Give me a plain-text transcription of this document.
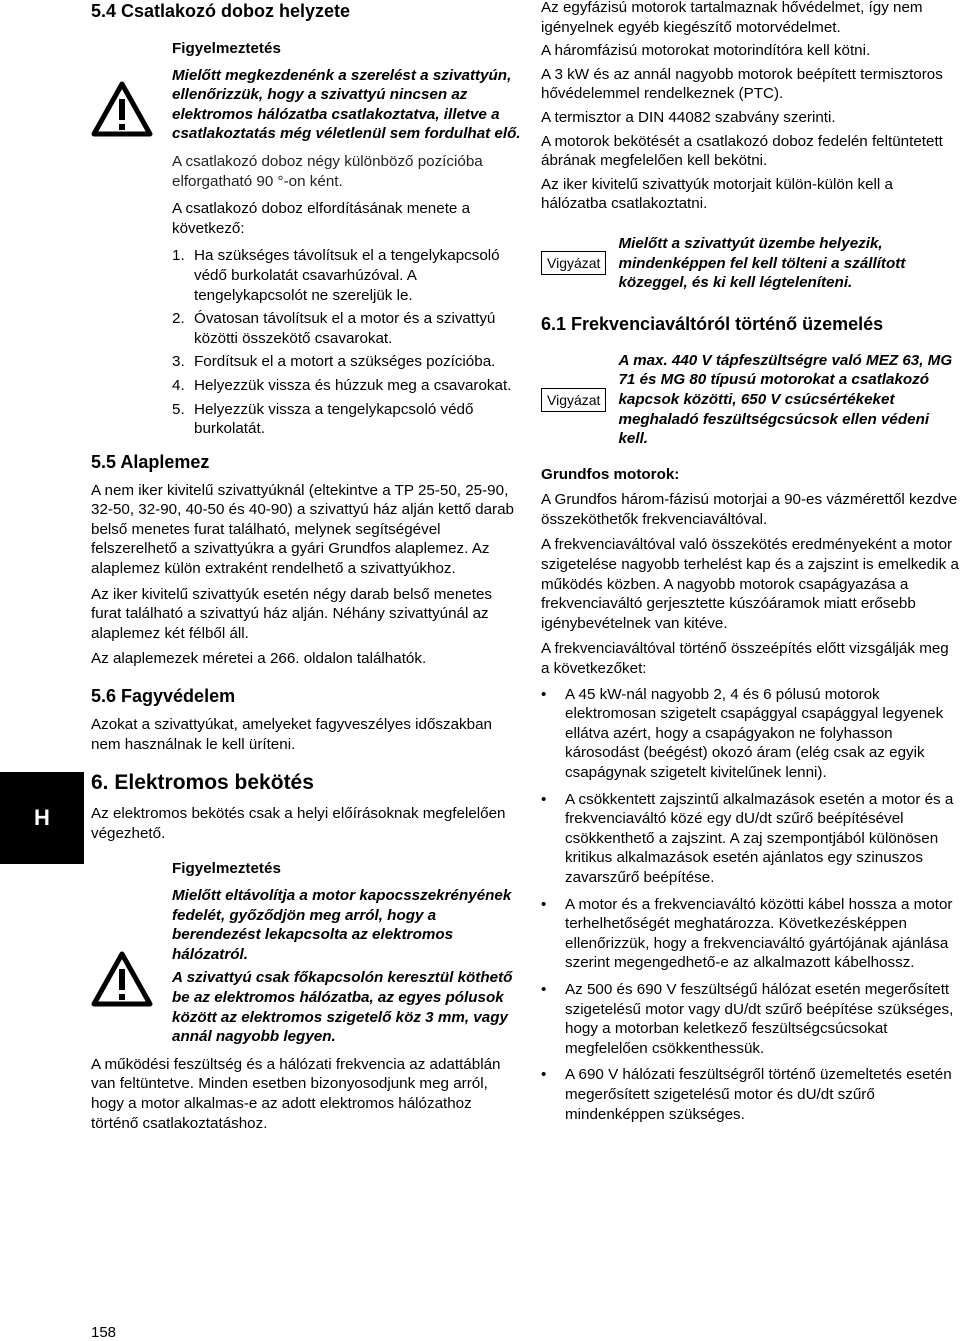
H
5.4 Csatlakozó doboz helyzete
Figyelmeztetés

Mielőtt megkezdenénk a szerelést a szivattyún, ellenőrizzük, hogy a szivattyú nincsen az elektromos hálózatba csatlakoztatva, illetve a csatlakoztatás még véletlenül sem fordulhat elő.

A csatlakozó doboz négy különböző pozícióba elforgatható 90 °-on ként.

A csatlakozó doboz elfordításának menete a következő:

1. Ha szükséges távolítsuk el a tengelykapcsoló védő burkolatát csavarhúzóval. A tengelykapcsolót ne szereljük le.
2. Óvatosan távolítsuk el a motor és a szivattyú közötti összekötő csavarokat.
3. Fordítsuk el a motort a szükséges pozícióba.
4. Helyezzük vissza és húzzuk meg a csavarokat.
5. Helyezzük vissza a tengelykapcsoló védő burkolatát.
5.5 Alaplemez

A nem iker kivitelű szivattyúknál (eltekintve a TP 25-50, 25-90, 32-50, 32-90, 40-50 és 40-90) a szivattyú ház alján kettő darab belső menetes furat található, melynek segítségével felszerelhető a szivattyúkra a gyári Grundfos alaplemez. Az alaplemez külön extraként rendelhető a szivattyúkhoz.

Az iker kivitelű szivattyúk esetén négy darab belső menetes furat található a szivattyú ház alján. Néhány szivattyúnál az alaplemez két félből áll.

Az alaplemezek méretei a 266. oldalon találhatók.

5.6 Fagyvédelem

Azokat a szivattyúkat, amelyeket fagyveszélyes időszakban nem használnak le kell üríteni.

6. Elektromos bekötés

Az elektromos bekötés csak a helyi előírásoknak megfelelően végezhető.

Figyelmeztetés

Mielőtt eltávolítja a motor kapocsszekrényének fedelét, győződjön meg arról, hogy a berendezést lekapcsolta az elektromos hálózatról.

A szivattyú csak főkapcsolón keresztül köthető be az elektromos hálózatba, az egyes pólusok között az elektromos szigetelő köz 3 mm, vagy annál nagyobb legyen.

A működési feszültség és a hálózati frekvencia az adattáblán van feltüntetve. Minden esetben bizonyosodjunk meg arról, hogy a motor alkalmas-e az adott elektromos hálózathoz történő csatlakoztatáshoz.

Az egyfázisú motorok tartalmaznak hővédelmet, így nem igényelnek egyéb kiegészítő motorvédelmet.

A háromfázisú motorokat motorindítóra kell kötni.

A 3 kW és az annál nagyobb motorok beépített termisztoros hővédelemmel rendelkeznek (PTC).

A termisztor a DIN 44082 szabvány szerinti.

A motorok bekötését a csatlakozó doboz fedelén feltüntetett ábrának megfelelően kell bekötni.

Az iker kivitelű szivattyúk motorjait külön-külön kell a hálózatba csatlakoztatni.

Vigyázat

Mielőtt a szivattyút üzembe helyezik, mindenképpen fel kell tölteni a szállított közeggel, és ki kell légteleníteni.

6.1 Frekvenciaváltóról történő üzemelés
Vigyázat

A max. 440 V tápfeszültségre való MEZ 63, MG 71 és MG 80 típusú motorokat a csatlakozó kapcsok közötti, 650 V csúcsértékeket meghaladó feszültségcsúcsok ellen védeni kell.

Grundfos motorok:

A Grundfos három-fázisú motorjai a 90-es vázmérettől kezdve összeköthetők frekvenciaváltóval.

A frekvenciaváltóval való összekötés eredményeként a motor szigetelése nagyobb terhelést kap és a zajszint is emelkedik a működés közben. A nagyobb motorok csapágyazása a frekvenciaváltó gerjesztette kúszóáramok miatt erősebb igénybevételnek van kitéve.

A frekvenciaváltóval történő összeépítés előtt vizsgálják meg a következőket:

•	A 45 kW-nál nagyobb 2, 4 és 6 pólusú motorok elektromosan szigetelt csapággyal csapággyal legyenek ellátva azért, hogy a csapágyakon ne folyhasson károsodást (beégést) okozó áram (elég csak az egyik csapágynak szigetelt kivitelűnek lenni).
•	A csökkentett zajszintű alkalmazások esetén a motor és a frekvenciaváltó közé egy dU/dt szűrő beépítésével csökkenthető a zajszint. A zaj szempontjából különösen kritikus alkalmazások esetén ajánlatos egy szinuszos zavarszűrő beépítése.
•	A motor és a frekvenciaváltó közötti kábel hossza a motor terhelhetőségét meghatározza. Következésképpen ellenőrizzük, hogy a frekvenciaváltó gyártójának ajánlása szerint megengedhető-e az alkalmazott kábelhossz.
•	Az 500 és 690 V feszültségű hálózat esetén megerősített szigetelésű motor vagy dU/dt szűrő beépítése szükséges, hogy a motorban keletkező feszültségcsúcsokat megfelelően csökkenthessük.
•	A 690 V hálózati feszültségről történő üzemeltetés esetén megerősített szigetelésű motor és dU/dt szűrő mindenképpen szükséges.
158
